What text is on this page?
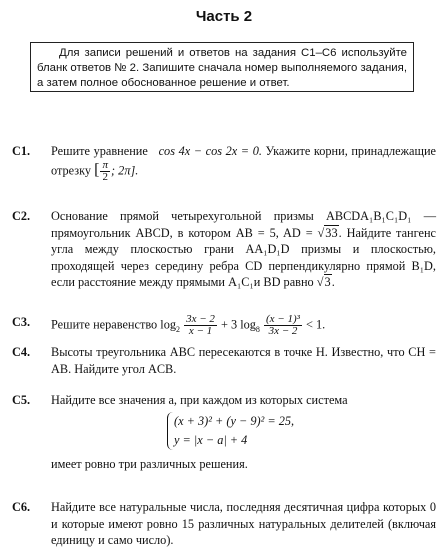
Часть 2
Для записи решений и ответов на задания С1–С6 используйте бланк ответов № 2. Запишите сначала номер выполняемого задания, а затем полное обоснованное решение и ответ.
С1.	Решите уравнение cos 4x − cos 2x = 0. Укажите корни, принадлежащие отрезку [ $\frac{\pi}{2}$ ; 2π].
С2.	Основание прямой четырехугольной призмы ABCDA₁B₁C₁D₁ — прямоугольник ABCD, в котором AB = 5, AD = √33. Найдите тангенс угла между плоскостью грани AA₁D₁D призмы и плоскостью, проходящей через середину ребра CD перпендикулярно прямой B₁D, если расстояние между прямыми A₁C₁и BD равно √3.
С3.	Решите неравенство $\log_2 \frac{3x - 2}{x - 1} + 3$ $\log_8 \frac{\text{(x − 1)³}}{3x - 2} < 1$.
С4.	Высоты треугольника ABC пересекаются в точке H. Известно, что CH = AB. Найдите угол ACB.
С5.	Найдите все значения a, при каждом из которых система
(x + 3)² + (y − 9)² = 25,
y = |x − a| + 4
имеет ровно три различных решения.
С6.	Найдите все натуральные числа, последняя десятичная цифра которых 0 и которые имеют ровно 15 различных натуральных делителей (включая единицу и само число).
